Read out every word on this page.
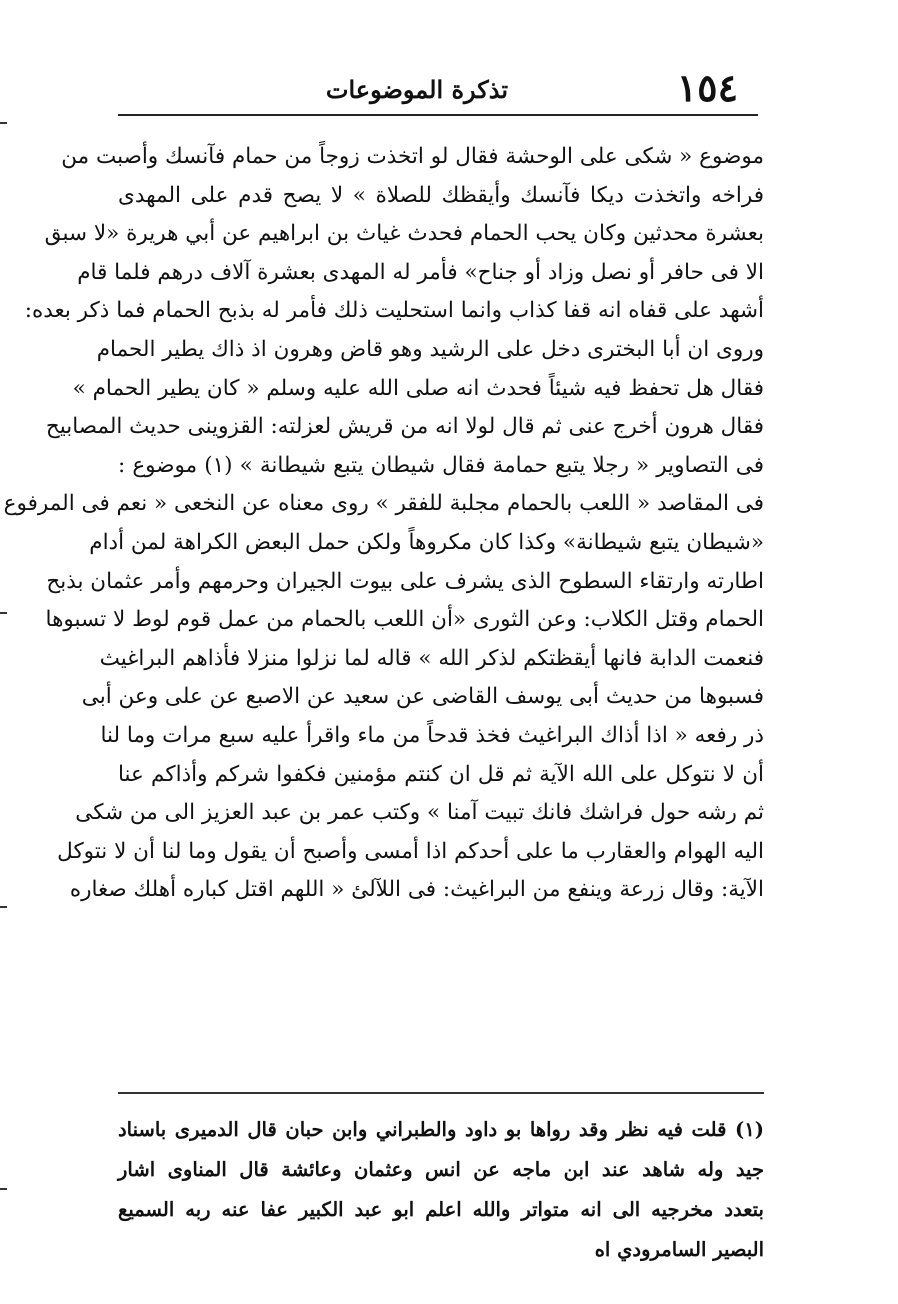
١٥٤
تذكرة الموضوعات
موضوع « شكى على الوحشة فقال لو اتخذت زوجاً من حمام فآنسك وأصبت من
فراخه واتخذت ديكا فآنسك وأيقظك للصلاة » لا يصح قدم على المهدى
بعشرة محدثين وكان يحب الحمام فحدث غياث بن ابراهيم عن أبي هريرة «لا سبق
الا فى حافر أو نصل وزاد أو جناح» فأمر له المهدى بعشرة آلاف درهم فلما قام
أشهد على قفاه انه قفا كذاب وانما استحليت ذلك فأمر له بذبح الحمام فما ذكر بعده:
وروى ان أبا البخترى دخل على الرشيد وهو قاض وهرون اذ ذاك يطير الحمام
فقال هل تحفظ فيه شيئاً فحدث انه صلى الله عليه وسلم « كان يطير الحمام »
فقال هرون أخرج عنى ثم قال لولا انه من قريش لعزلته: القزوينى حديث المصابيح
فى التصاوير « رجلا يتبع حمامة فقال شيطان يتبع شيطانة » (١) موضوع :
فى المقاصد « اللعب بالحمام مجلبة للفقر » روى معناه عن النخعى « نعم فى المرفوع
«شيطان يتبع شيطانة» وكذا كان مكروهاً ولكن حمل البعض الكراهة لمن أدام
اطارته وارتقاء السطوح الذى يشرف على بيوت الجيران وحرمهم وأمر عثمان بذبح
الحمام وقتل الكلاب: وعن الثورى «أن اللعب بالحمام من عمل قوم لوط لا تسبوها
فنعمت الدابة فانها أيقظتكم لذكر الله » قاله لما نزلوا منزلا فأذاهم البراغيث
فسبوها من حديث أبى يوسف القاضى عن سعيد عن الاصبع عن على وعن أبى
ذر رفعه « اذا أذاك البراغيث فخذ قدحاً من ماء واقرأ عليه سبع مرات وما لنا
أن لا نتوكل على الله الآية ثم قل ان كنتم مؤمنين فكفوا شركم وأذاكم عنا
ثم رشه حول فراشك فانك تبيت آمنا » وكتب عمر بن عبد العزيز الى من شكى
اليه الهوام والعقارب ما على أحدكم اذا أمسى وأصبح أن يقول وما لنا أن لا نتوكل
الآية: وقال زرعة وينفع من البراغيث: فى اللآلئ « اللهم اقتل كباره أهلك صغاره
(١) قلت فيه نظر وقد رواها بو داود والطبراني وابن حبان قال الدميرى باسناد
جيد وله شاهد عند ابن ماجه عن انس وعثمان وعائشة قال المناوى اشار
بتعدد مخرجيه الى انه متواتر والله اعلم ابو عبد الكبير عفا عنه ربه السميع
البصير السامرودي اه
